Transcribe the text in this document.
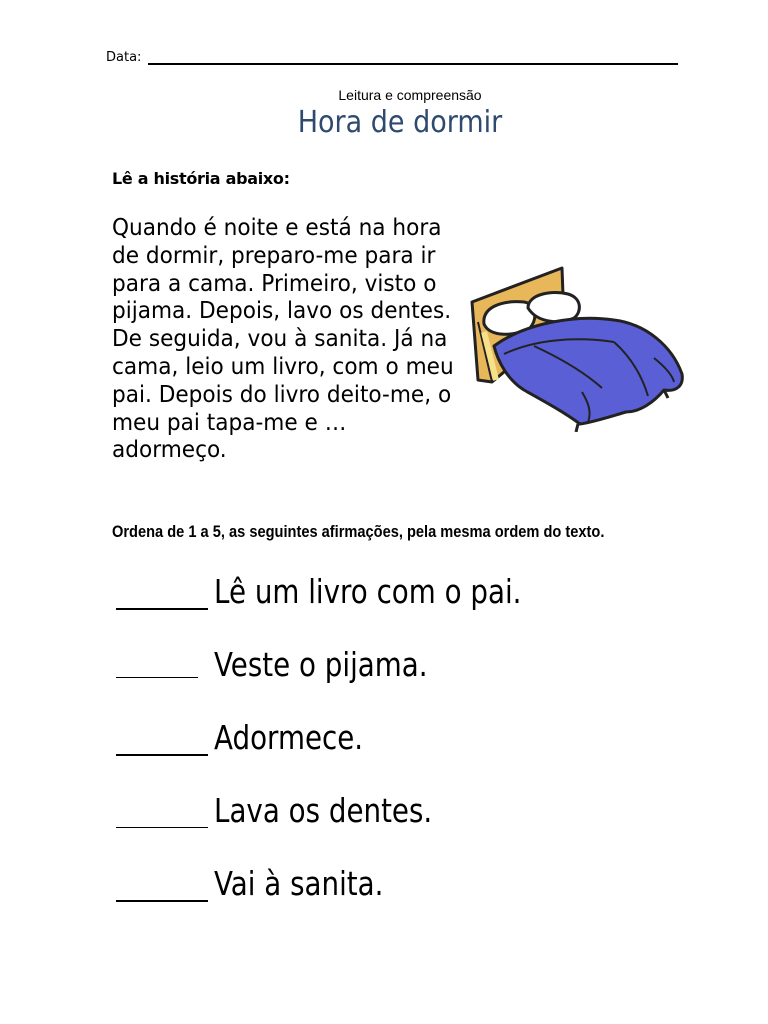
Data:
Leitura e compreensão
Hora de dormir
Lê a história abaixo:
Quando é noite e está na hora de dormir, preparo-me para ir para a cama. Primeiro, visto o pijama. Depois, lavo os dentes. De seguida, vou à sanita. Já na cama, leio um livro, com o meu pai. Depois do livro deito-me, o meu pai tapa-me e … adormeço.
Ordena de 1 a 5, as seguintes afirmações, pela mesma ordem do texto.
Lê um livro com o pai.
Veste o pijama.
Adormece.
Lava os dentes.
Vai à sanita.
